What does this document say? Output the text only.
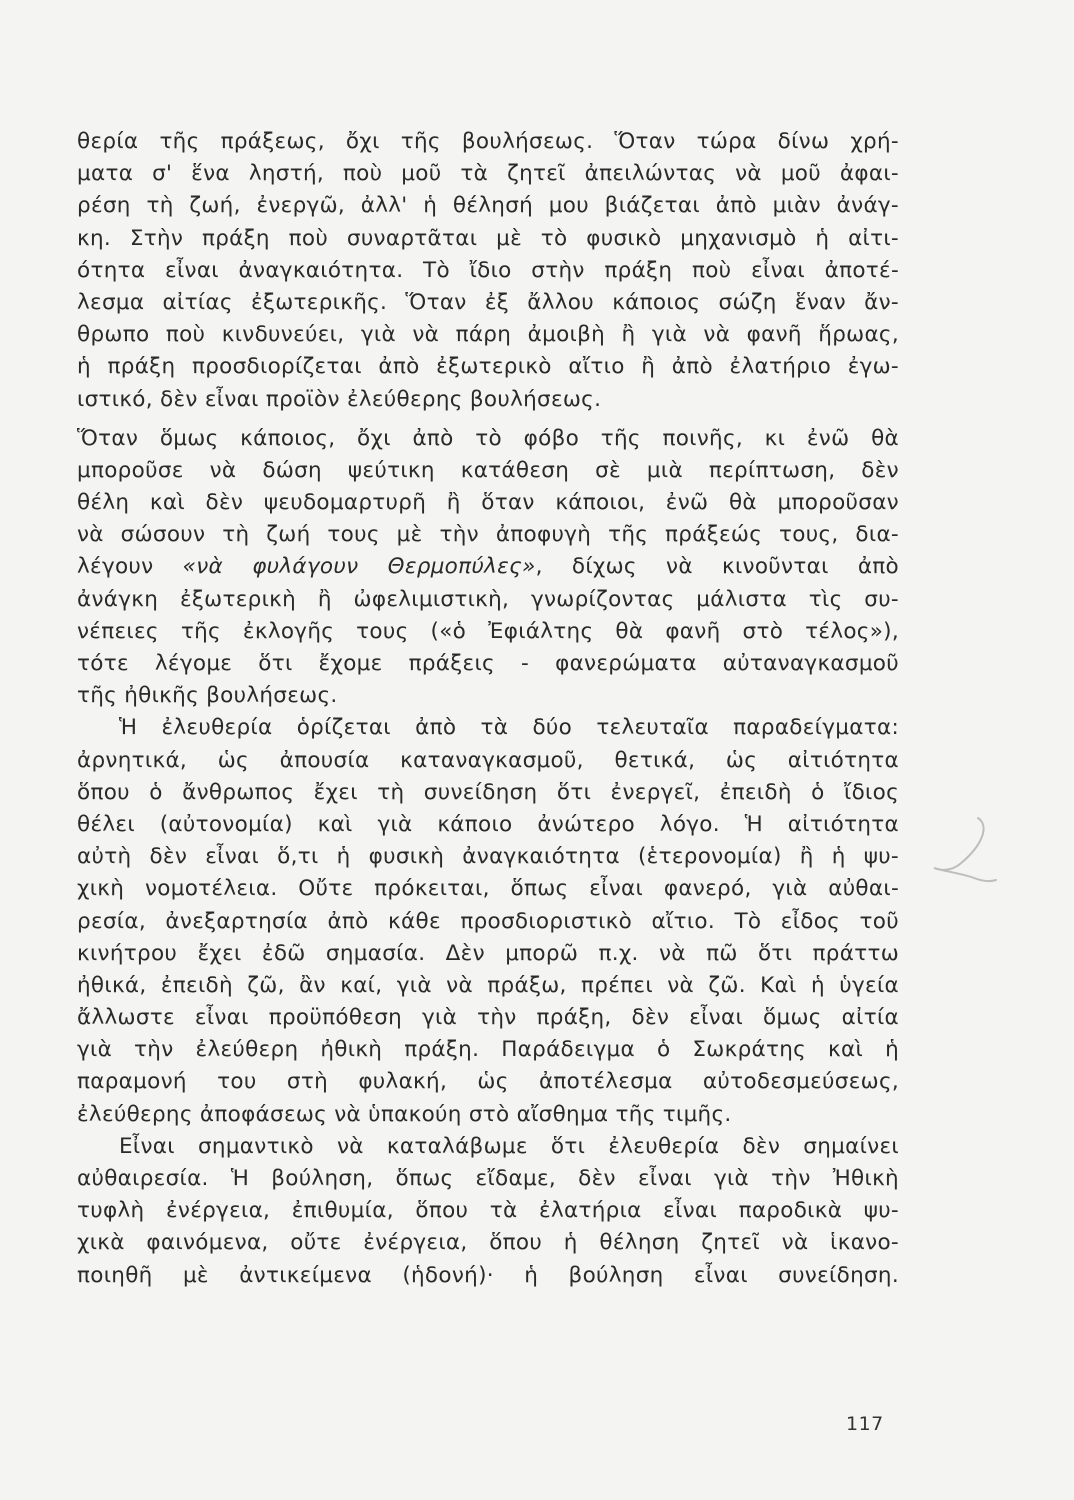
θερία τῆς πράξεως, ὄχι τῆς βουλήσεως. Ὅταν τώρα δίνω χρή-
ματα σ' ἕνα ληστή, ποὺ μοῦ τὰ ζητεῖ ἀπειλώντας νὰ μοῦ ἀφαι-
ρέση τὴ ζωή, ἐνεργῶ, ἀλλ' ἡ θέλησή μου βιάζεται ἀπὸ μιὰν ἀνάγ-
κη. Στὴν πράξη ποὺ συναρτᾶται μὲ τὸ φυσικὸ μηχανισμὸ ἡ αἰτι-
ότητα εἶναι ἀναγκαιότητα. Τὸ ἴδιο στὴν πράξη ποὺ εἶναι ἀποτέ-
λεσμα αἰτίας ἐξωτερικῆς. Ὅταν ἐξ ἄλλου κάποιος σώζη ἕναν ἄν-
θρωπο ποὺ κινδυνεύει, γιὰ νὰ πάρη ἀμοιβὴ ἢ γιὰ νὰ φανῆ ἥρωας,
ἡ πράξη προσδιορίζεται ἀπὸ ἐξωτερικὸ αἴτιο ἢ ἀπὸ ἐλατήριο ἐγω-
ιστικό, δὲν εἶναι προϊὸν ἐλεύθερης βουλήσεως.
Ὅταν ὅμως κάποιος, ὄχι ἀπὸ τὸ φόβο τῆς ποινῆς, κι ἐνῶ θὰ
μποροῦσε νὰ δώση ψεύτικη κατάθεση σὲ μιὰ περίπτωση, δὲν
θέλη καὶ δὲν ψευδομαρτυρῆ ἢ ὅταν κάποιοι, ἐνῶ θὰ μποροῦσαν
νὰ σώσουν τὴ ζωή τους μὲ τὴν ἀποφυγὴ τῆς πράξεώς τους, δια-
λέγουν «νὰ φυλάγουν Θερμοπύλες», δίχως νὰ κινοῦνται ἀπὸ
ἀνάγκη ἐξωτερικὴ ἢ ὠφελιμιστικὴ, γνωρίζοντας μάλιστα τὶς συ-
νέπειες τῆς ἐκλογῆς τους («ὁ Ἐφιάλτης θὰ φανῆ στὸ τέλος»),
τότε λέγομε ὅτι ἔχομε πράξεις - φανερώματα αὐταναγκασμοῦ
τῆς ἠθικῆς βουλήσεως.
Ἡ ἐλευθερία ὁρίζεται ἀπὸ τὰ δύο τελευταῖα παραδείγματα:
ἀρνητικά, ὡς ἀπουσία καταναγκασμοῦ, θετικά, ὡς αἰτιότητα
ὅπου ὁ ἄνθρωπος ἔχει τὴ συνείδηση ὅτι ἐνεργεῖ, ἐπειδὴ ὁ ἴδιος
θέλει (αὐτονομία) καὶ γιὰ κάποιο ἀνώτερο λόγο. Ἡ αἰτιότητα
αὐτὴ δὲν εἶναι ὅ,τι ἡ φυσικὴ ἀναγκαιότητα (ἑτερονομία) ἢ ἡ ψυ-
χικὴ νομοτέλεια. Οὔτε πρόκειται, ὅπως εἶναι φανερό, γιὰ αὐθαι-
ρεσία, ἀνεξαρτησία ἀπὸ κάθε προσδιοριστικὸ αἴτιο. Τὸ εἶδος τοῦ
κινήτρου ἔχει ἐδῶ σημασία. Δὲν μπορῶ π.χ. νὰ πῶ ὅτι πράττω
ἠθικά, ἐπειδὴ ζῶ, ἂν καί, γιὰ νὰ πράξω, πρέπει νὰ ζῶ. Καὶ ἡ ὑγεία
ἄλλωστε εἶναι προϋπόθεση γιὰ τὴν πράξη, δὲν εἶναι ὅμως αἰτία
γιὰ τὴν ἐλεύθερη ἠθικὴ πράξη. Παράδειγμα ὁ Σωκράτης καὶ ἡ
παραμονή του στὴ φυλακή, ὡς ἀποτέλεσμα αὐτοδεσμεύσεως,
ἐλεύθερης ἀποφάσεως νὰ ὑπακούη στὸ αἴσθημα τῆς τιμῆς.
Εἶναι σημαντικὸ νὰ καταλάβωμε ὅτι ἐλευθερία δὲν σημαίνει
αὐθαιρεσία. Ἡ βούληση, ὅπως εἴδαμε, δὲν εἶναι γιὰ τὴν Ἠθικὴ
τυφλὴ ἐνέργεια, ἐπιθυμία, ὅπου τὰ ἐλατήρια εἶναι παροδικὰ ψυ-
χικὰ φαινόμενα, οὔτε ἐνέργεια, ὅπου ἡ θέληση ζητεῖ νὰ ἱκανο-
ποιηθῆ μὲ ἀντικείμενα (ἡδονή)· ἡ βούληση εἶναι συνείδηση.
117
